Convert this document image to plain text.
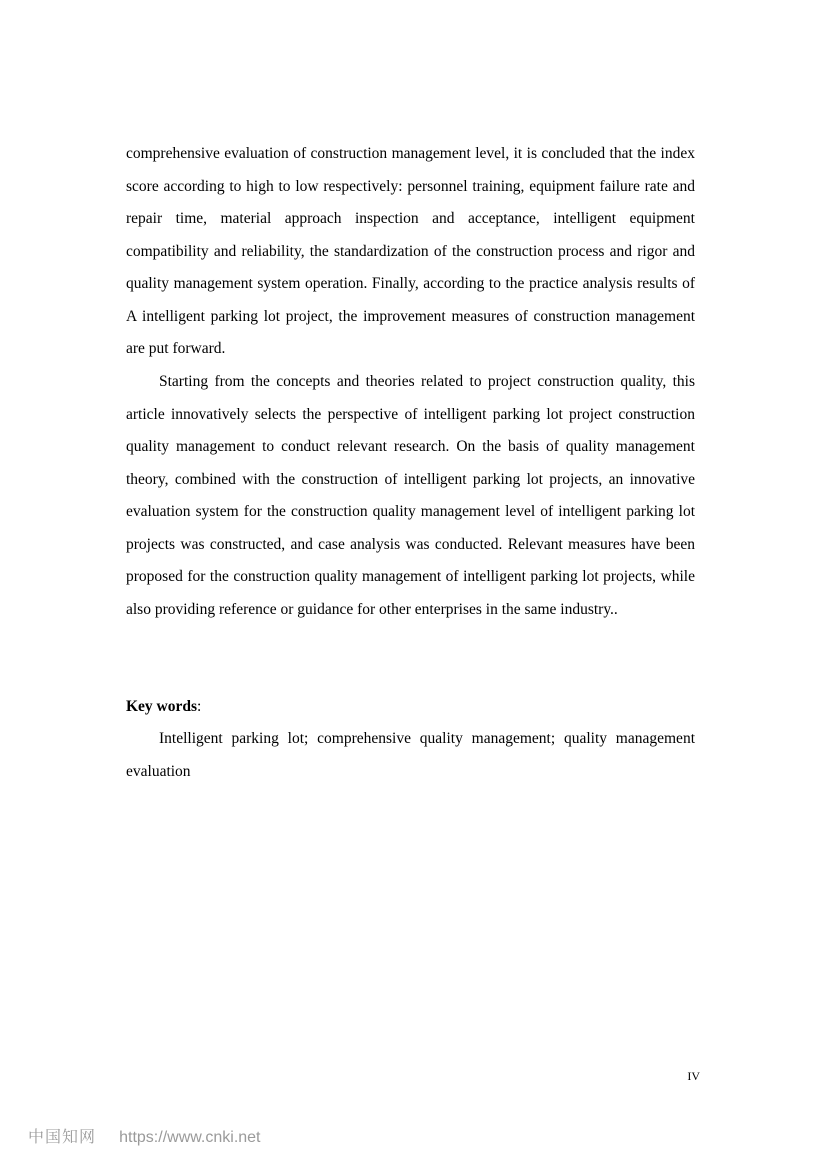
comprehensive evaluation of construction management level, it is concluded that the index score according to high to low respectively: personnel training, equipment failure rate and repair time, material approach inspection and acceptance, intelligent equipment compatibility and reliability, the standardization of the construction process and rigor and quality management system operation. Finally, according to the practice analysis results of A intelligent parking lot project, the improvement measures of construction management are put forward.

Starting from the concepts and theories related to project construction quality, this article innovatively selects the perspective of intelligent parking lot project construction quality management to conduct relevant research. On the basis of quality management theory, combined with the construction of intelligent parking lot projects, an innovative evaluation system for the construction quality management level of intelligent parking lot projects was constructed, and case analysis was conducted. Relevant measures have been proposed for the construction quality management of intelligent parking lot projects, while also providing reference or guidance for other enterprises in the same industry..

Key words:

Intelligent parking lot; comprehensive quality management; quality management evaluation

IV
中国知网 https://www.cnki.net
